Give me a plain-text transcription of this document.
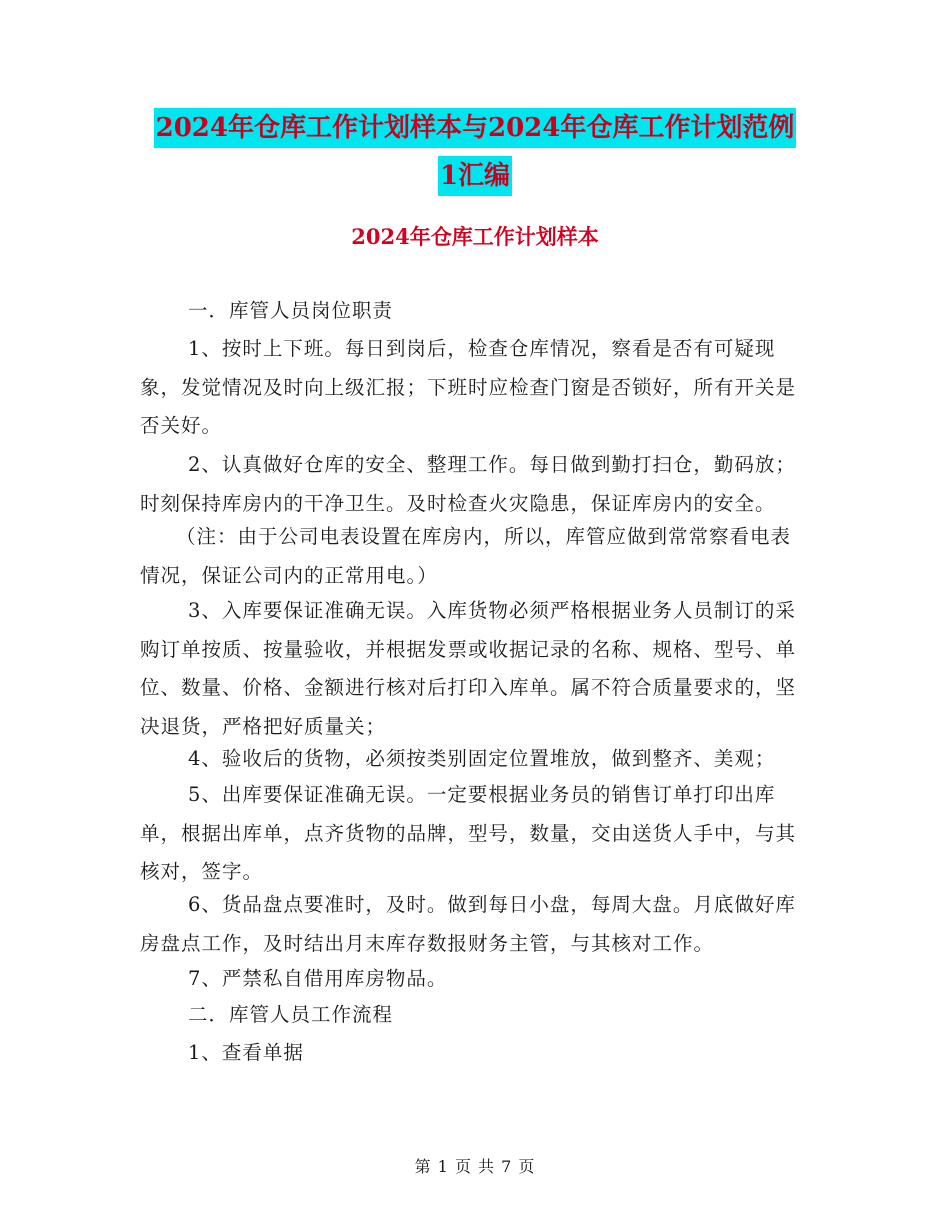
2024年仓库工作计划样本与2024年仓库工作计划范例
1汇编
2024年仓库工作计划样本
一．库管人员岗位职责
1、按时上下班。每日到岗后，检查仓库情况，察看是否有可疑现象，发觉情况及时向上级汇报；下班时应检查门窗是否锁好，所有开关是否关好。
2、认真做好仓库的安全、整理工作。每日做到勤打扫仓，勤码放；时刻保持库房内的干净卫生。及时检查火灾隐患，保证库房内的安全。
（注：由于公司电表设置在库房内，所以，库管应做到常常察看电表情况，保证公司内的正常用电。）
3、入库要保证准确无误。入库货物必须严格根据业务人员制订的采购订单按质、按量验收，并根据发票或收据记录的名称、规格、型号、单位、数量、价格、金额进行核对后打印入库单。属不符合质量要求的，坚决退货，严格把好质量关；
4、验收后的货物，必须按类别固定位置堆放，做到整齐、美观；
5、出库要保证准确无误。一定要根据业务员的销售订单打印出库单，根据出库单，点齐货物的品牌，型号，数量，交由送货人手中，与其核对，签字。
6、货品盘点要准时，及时。做到每日小盘，每周大盘。月底做好库房盘点工作，及时结出月末库存数报财务主管，与其核对工作。
7、严禁私自借用库房物品。
二．库管人员工作流程
1、查看单据
第 1 页 共 7 页
